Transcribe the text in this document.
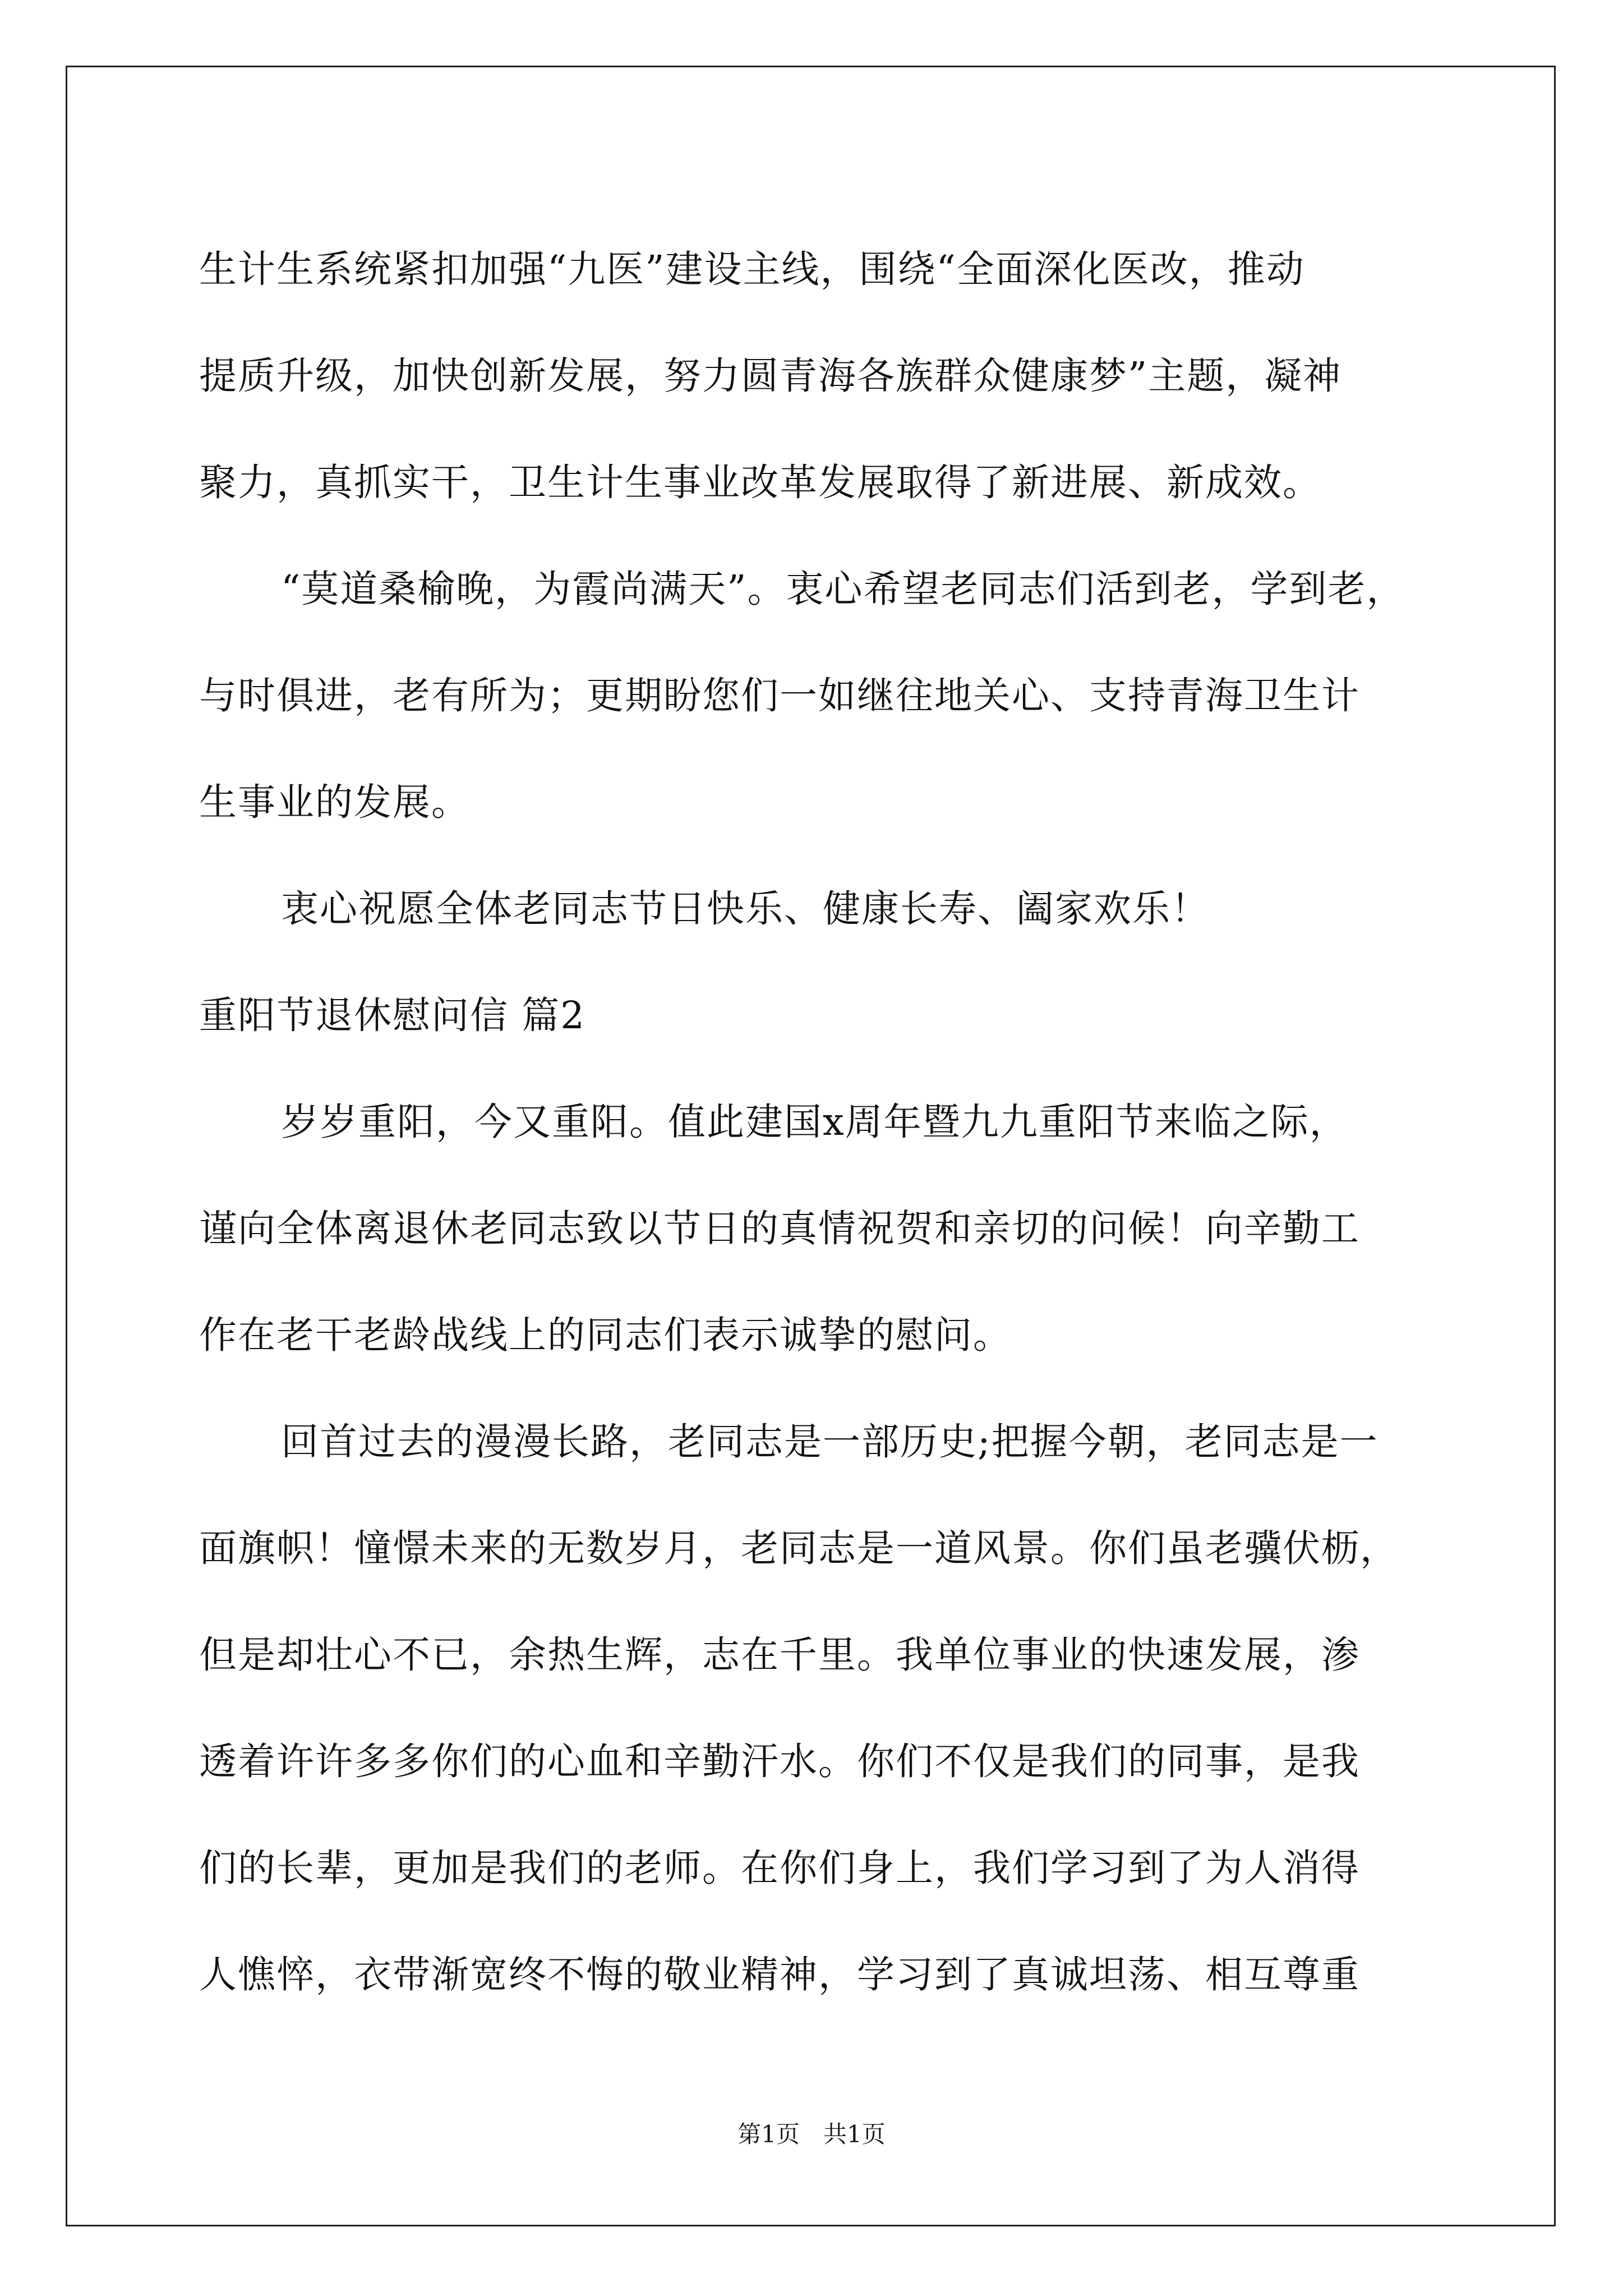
生计生系统紧扣加强“九医”建设主线，围绕“全面深化医改，推动
提质升级，加快创新发展，努力圆青海各族群众健康梦”主题，凝神
聚力，真抓实干，卫生计生事业改革发展取得了新进展、新成效。
“莫道桑榆晚，为霞尚满天”。衷心希望老同志们活到老，学到老，
与时俱进，老有所为；更期盼您们一如继往地关心、支持青海卫生计
生事业的发展。
衷心祝愿全体老同志节日快乐、健康长寿、阖家欢乐！
重阳节退休慰问信 篇2
岁岁重阳，今又重阳。值此建国x周年暨九九重阳节来临之际，
谨向全体离退休老同志致以节日的真情祝贺和亲切的问候！向辛勤工
作在老干老龄战线上的同志们表示诚挚的慰问。
回首过去的漫漫长路，老同志是一部历史;把握今朝，老同志是一
面旗帜！憧憬未来的无数岁月，老同志是一道风景。你们虽老骥伏枥，
但是却壮心不已，余热生辉，志在千里。我单位事业的快速发展，渗
透着许许多多你们的心血和辛勤汗水。你们不仅是我们的同事，是我
们的长辈，更加是我们的老师。在你们身上，我们学习到了为人消得
人憔悴，衣带渐宽终不悔的敬业精神，学习到了真诚坦荡、相互尊重
第1页　共1页
